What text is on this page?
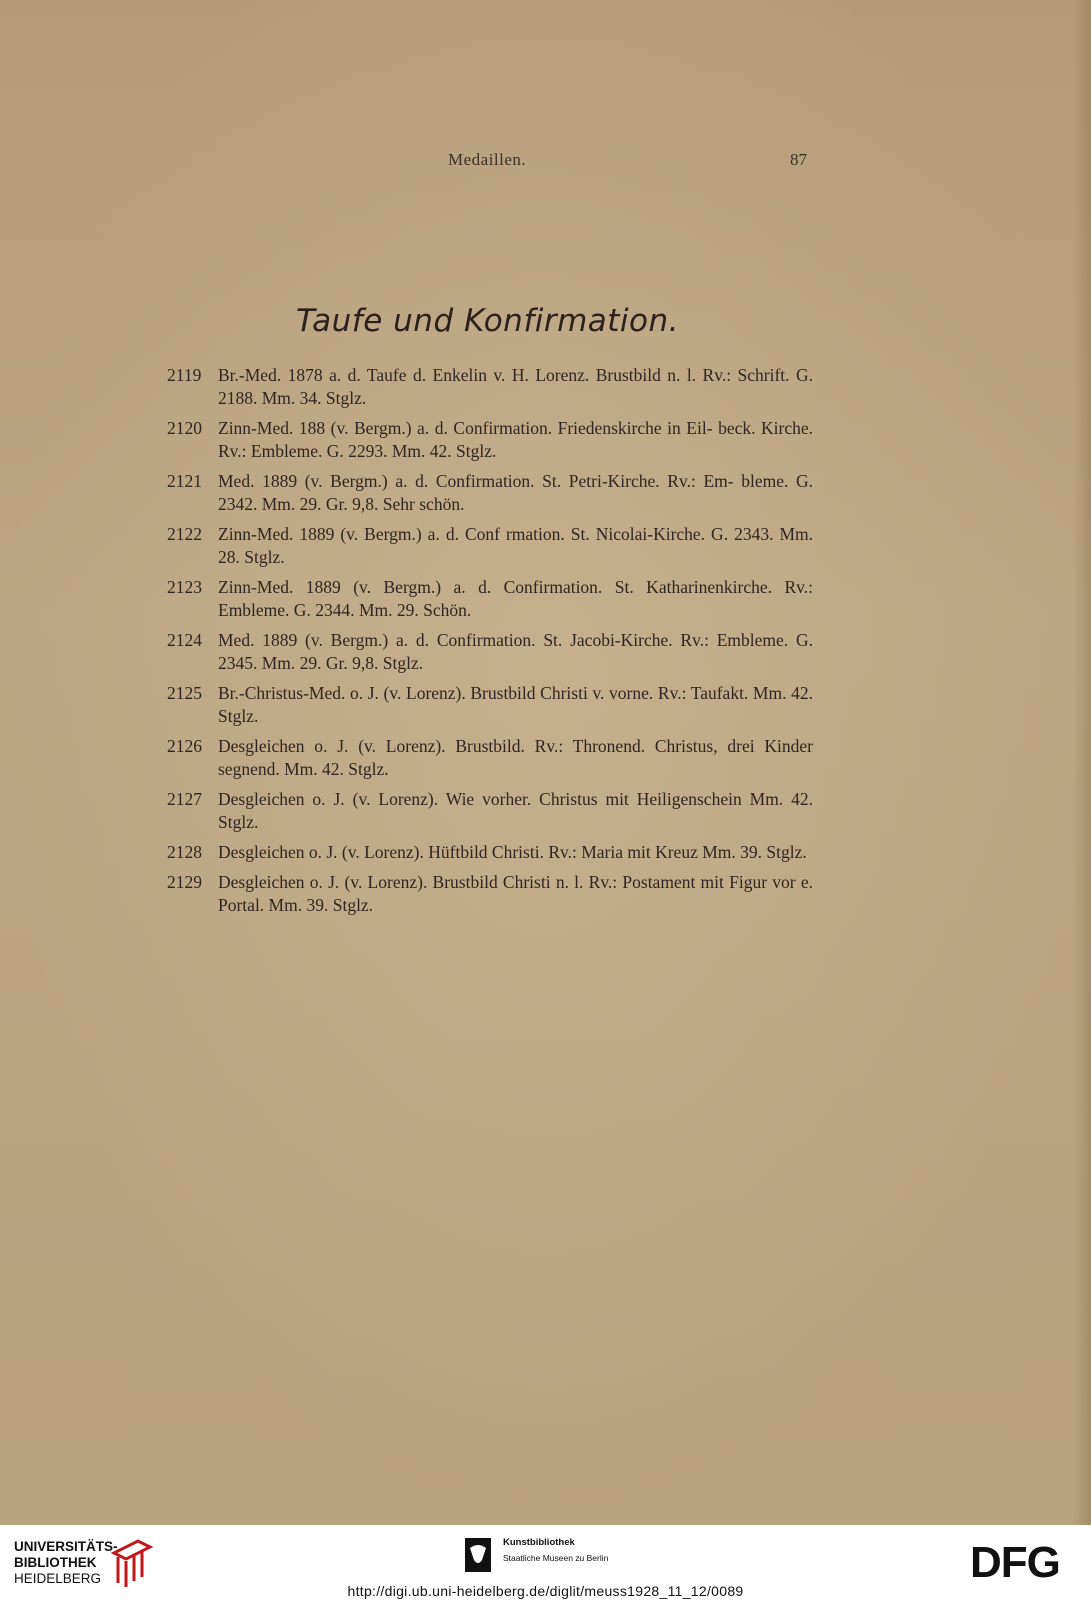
Medaillen.	87
Taufe und Konfirmation.
2119 Br.-Med. 1878 a. d. Taufe d. Enkelin v. H. Lorenz. Brustbild n. l. Rv.: Schrift. G. 2188. Mm. 34. Stglz.
2120 Zinn-Med. 188 (v. Bergm.) a. d. Confirmation. Friedenskirche in Eil- beck. Kirche. Rv.: Embleme. G. 2293. Mm. 42. Stglz.
2121 Med. 1889 (v. Bergm.) a. d. Confirmation. St. Petri-Kirche. Rv.: Em- bleme. G. 2342. Mm. 29. Gr. 9,8. Sehr schön.
2122 Zinn-Med. 1889 (v. Bergm.) a. d. Conf rmation. St. Nicolai-Kirche. G. 2343. Mm. 28. Stglz.
2123 Zinn-Med. 1889 (v. Bergm.) a. d. Confirmation. St. Katharinenkirche. Rv.: Embleme. G. 2344. Mm. 29. Schön.
2124 Med. 1889 (v. Bergm.) a. d. Confirmation. St. Jacobi-Kirche. Rv.: Embleme. G. 2345. Mm. 29. Gr. 9,8. Stglz.
2125 Br.-Christus-Med. o. J. (v. Lorenz). Brustbild Christi v. vorne. Rv.: Taufakt. Mm. 42. Stglz.
2126 Desgleichen o. J. (v. Lorenz). Brustbild. Rv.: Thronend. Christus, drei Kinder segnend. Mm. 42. Stglz.
2127 Desgleichen o. J. (v. Lorenz). Wie vorher. Christus mit Heiligenschein Mm. 42. Stglz.
2128 Desgleichen o. J. (v. Lorenz). Hüftbild Christi. Rv.: Maria mit Kreuz Mm. 39. Stglz.
2129 Desgleichen o. J. (v. Lorenz). Brustbild Christi n. l. Rv.: Postament mit Figur vor e. Portal. Mm. 39. Stglz.
UNIVERSITÄTS-
BIBLIOTHEK
HEIDELBERG
Kunstbibliothek
Staatliche Museen zu Berlin	DFG
http://digi.ub.uni-heidelberg.de/diglit/meuss1928_11_12/0089
